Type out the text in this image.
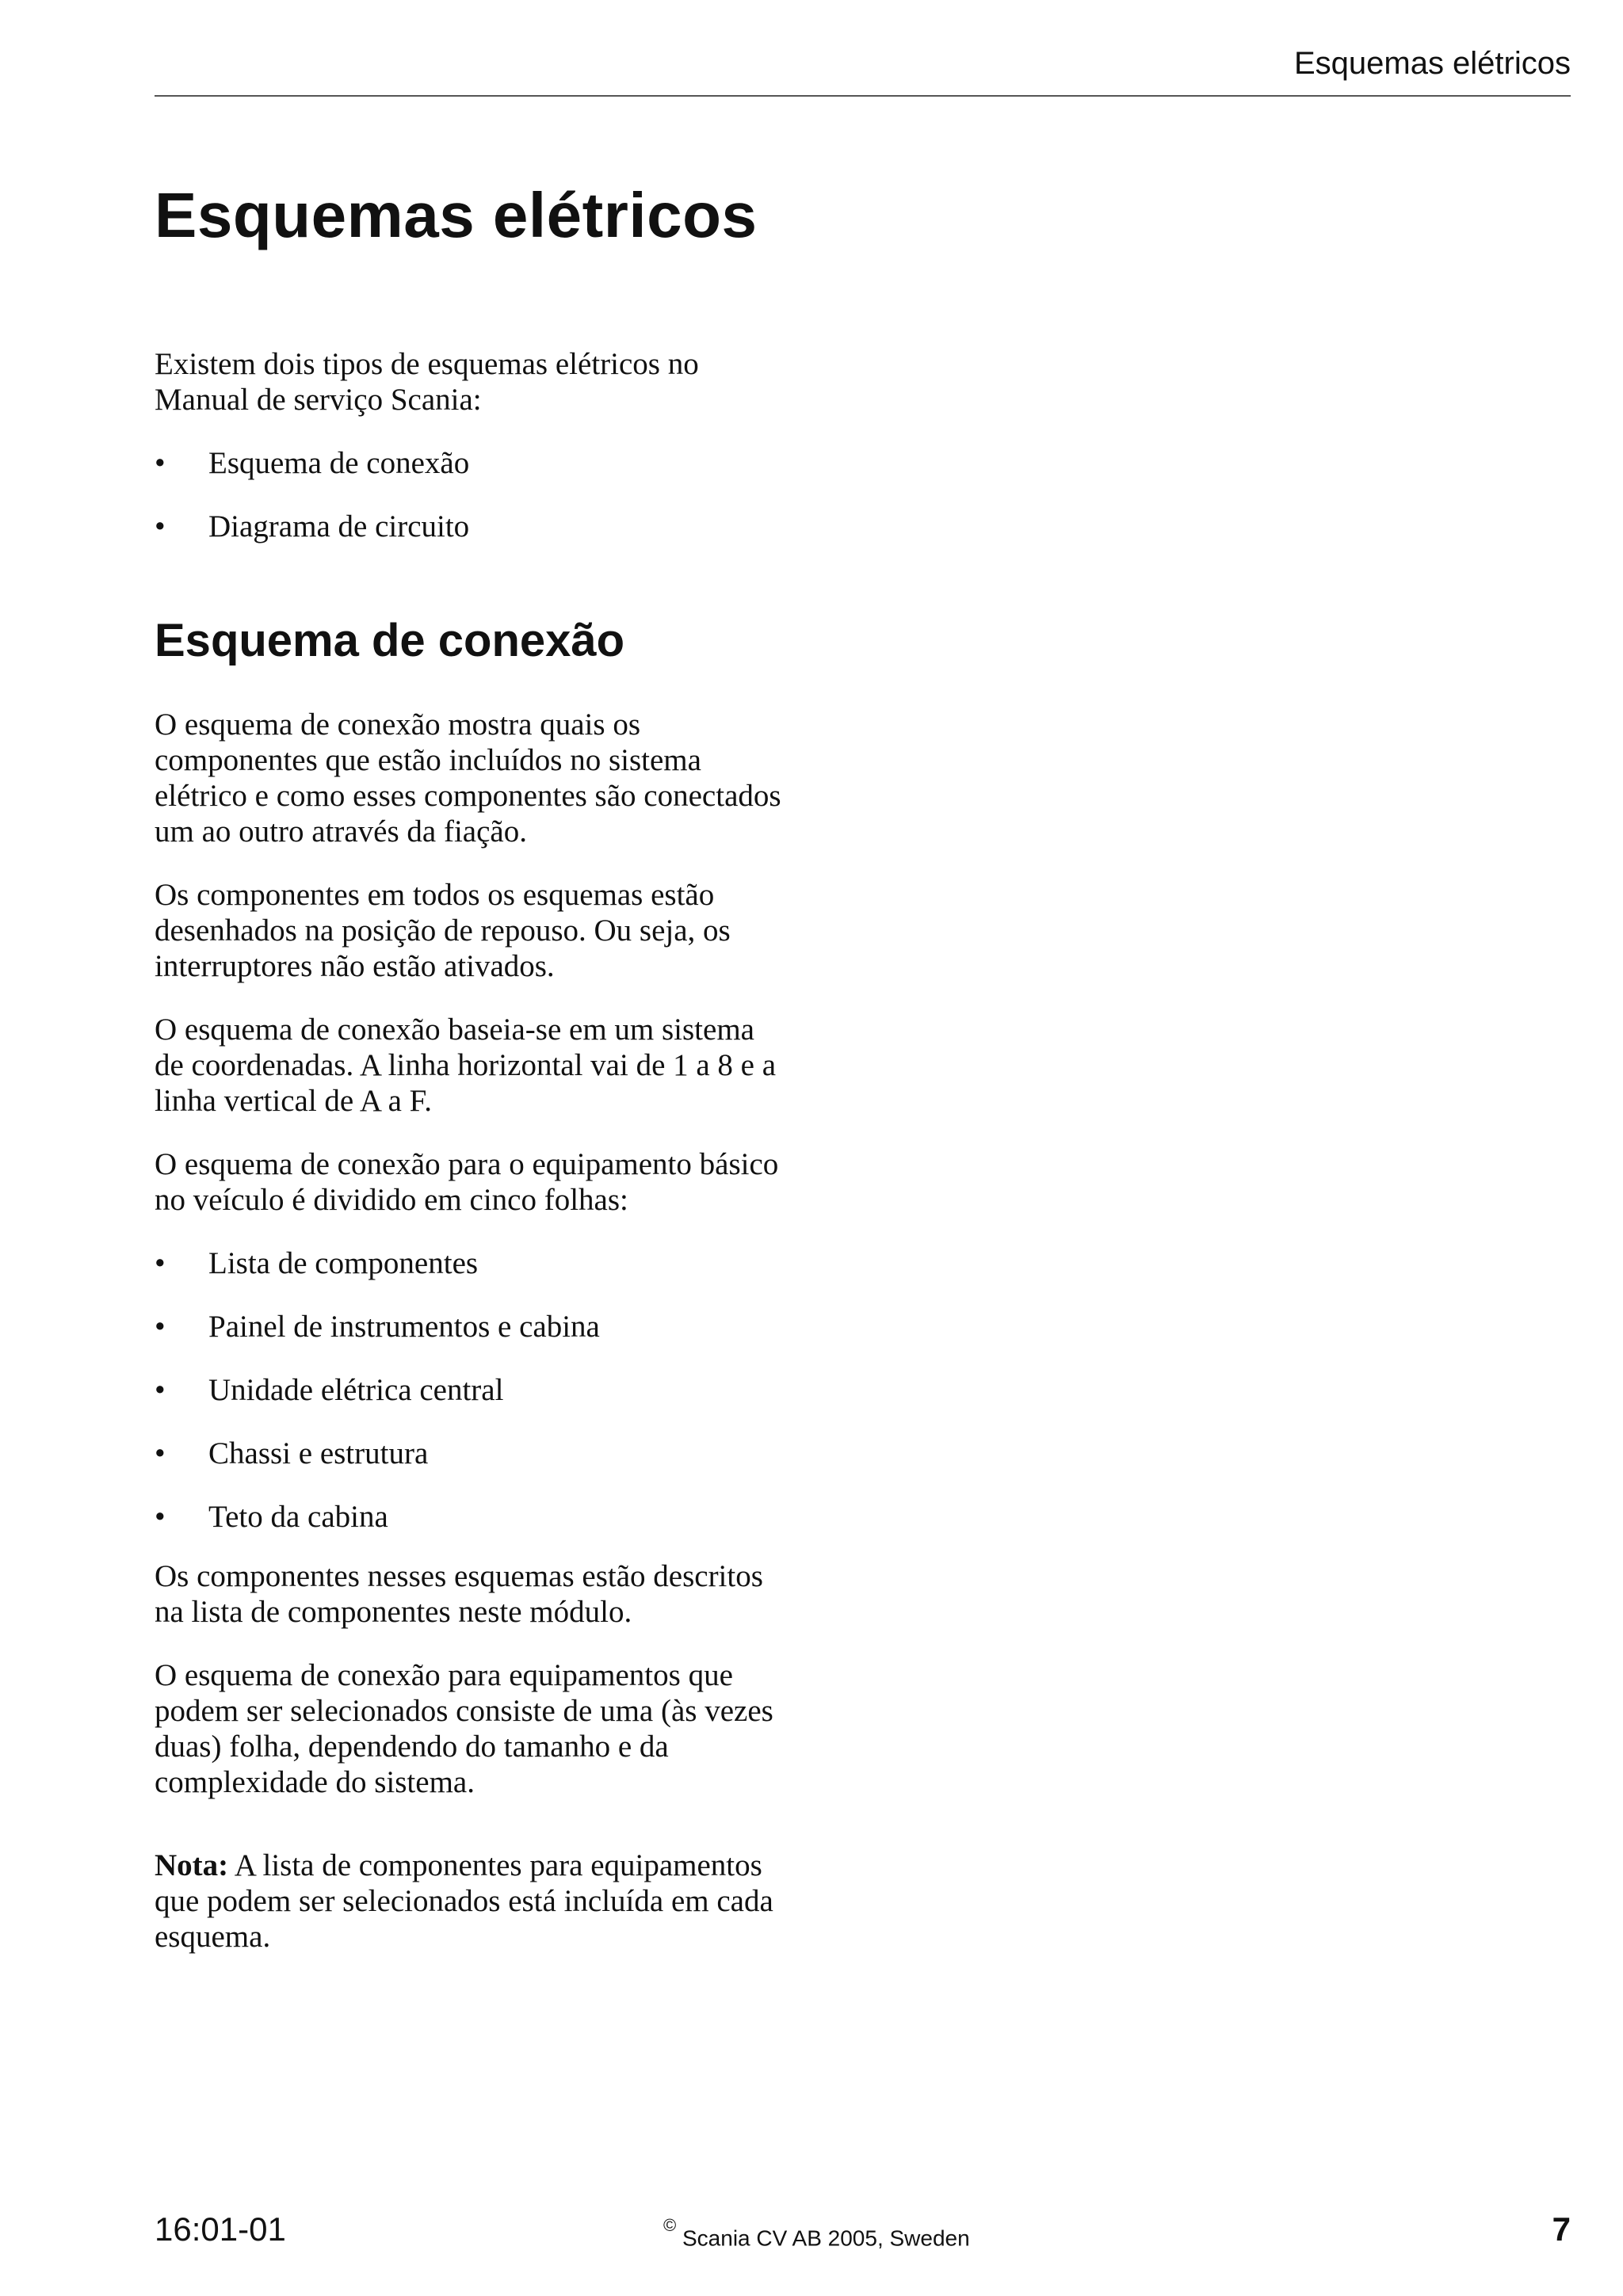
Esquemas elétricos
Esquemas elétricos

Existem dois tipos de esquemas elétricos no Manual de serviço Scania:

• Esquema de conexão
• Diagrama de circuito
Esquema de conexão

O esquema de conexão mostra quais os componentes que estão incluídos no sistema elétrico e como esses componentes são conectados um ao outro através da fiação.

Os componentes em todos os esquemas estão desenhados na posição de repouso. Ou seja, os interruptores não estão ativados.

O esquema de conexão baseia-se em um sistema de coordenadas. A linha horizontal vai de 1 a 8 e a linha vertical de A a F.

O esquema de conexão para o equipamento básico no veículo é dividido em cinco folhas:

• Lista de componentes
• Painel de instrumentos e cabina
• Unidade elétrica central
• Chassi e estrutura
• Teto da cabina

Os componentes nesses esquemas estão descritos na lista de componentes neste módulo.

O esquema de conexão para equipamentos que podem ser selecionados consiste de uma (às vezes duas) folha, dependendo do tamanho e da complexidade do sistema.

Nota: A lista de componentes para equipamentos que podem ser selecionados está incluída em cada esquema.

16:01-01	© Scania CV AB 2005, Sweden	7
